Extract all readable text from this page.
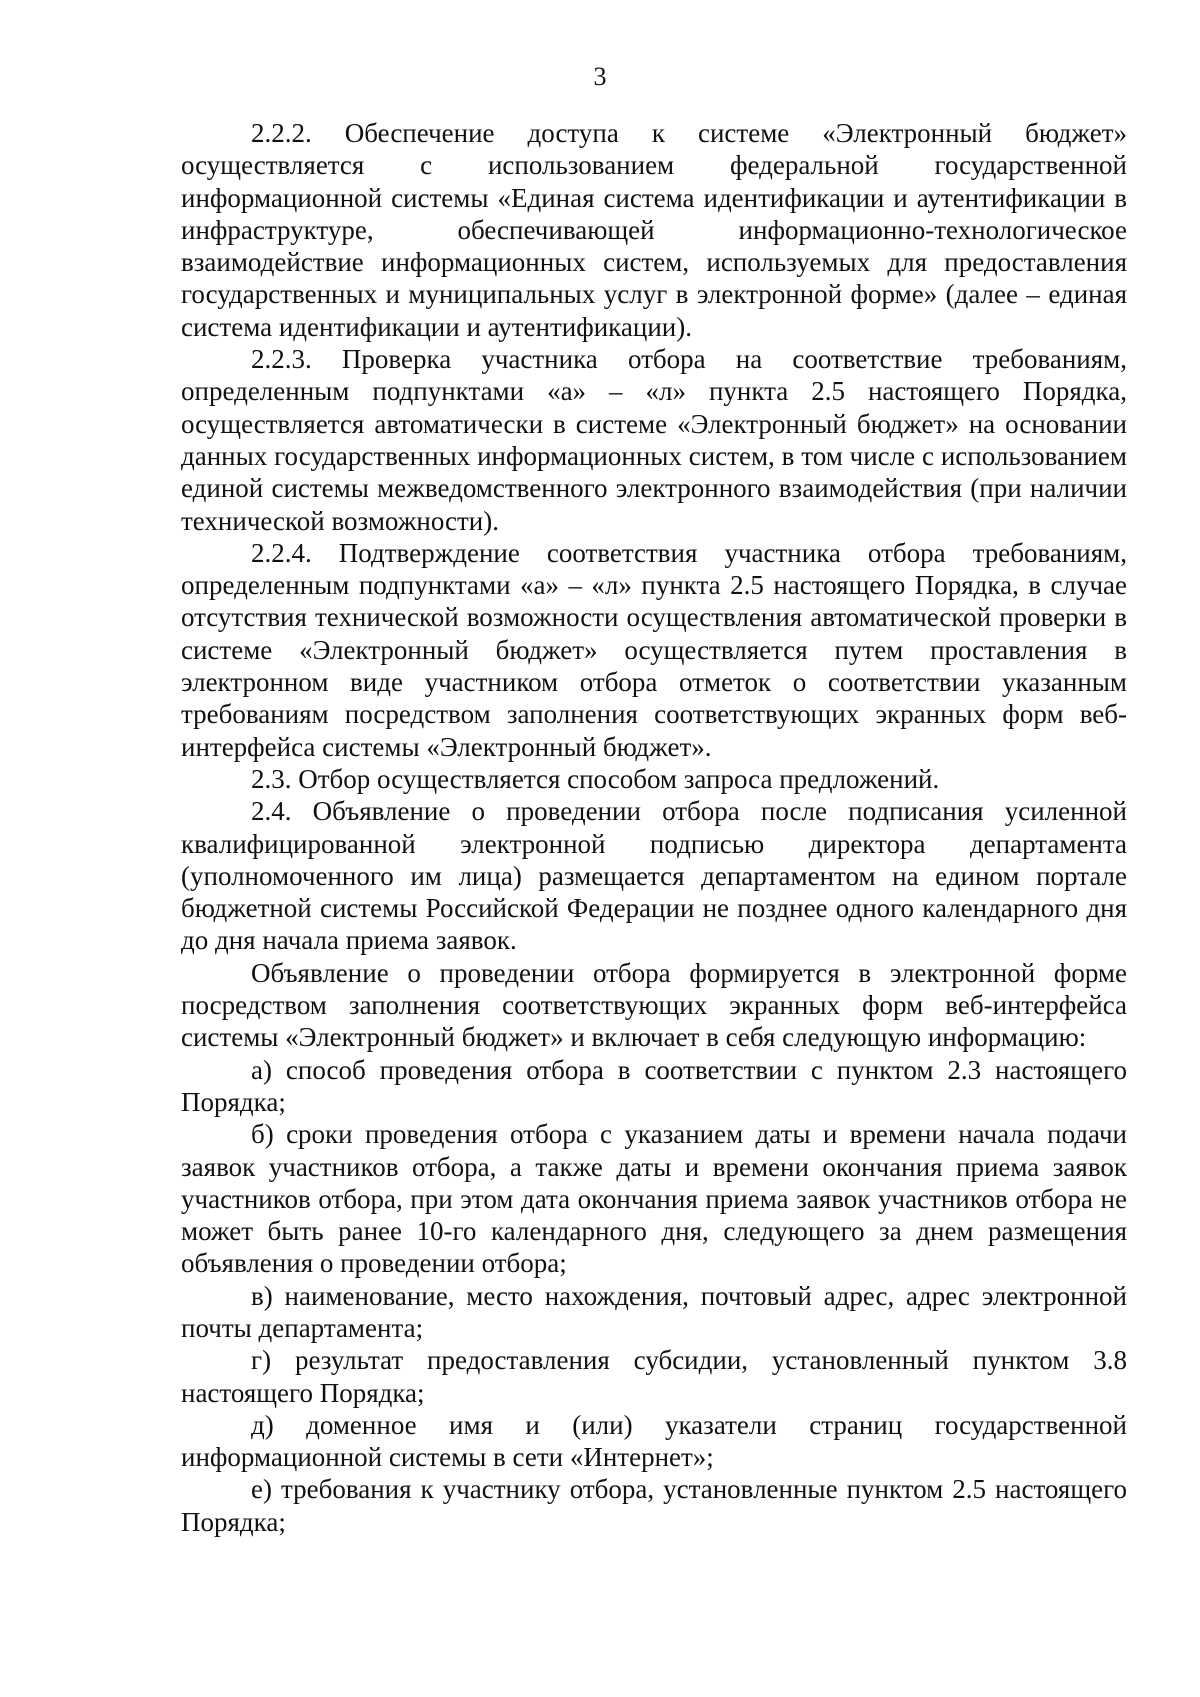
3

2.2.2. Обеспечение доступа к системе «Электронный бюджет» осуществляется с использованием федеральной государственной информационной системы «Единая система идентификации и аутентификации в инфраструктуре, обеспечивающей информационно-технологическое взаимодействие информационных систем, используемых для предоставления государственных и муниципальных услуг в электронной форме» (далее – единая система идентификации и аутентификации).

2.2.3. Проверка участника отбора на соответствие требованиям, определенным подпунктами «а» – «л» пункта 2.5 настоящего Порядка, осуществляется автоматически в системе «Электронный бюджет» на основании данных государственных информационных систем, в том числе с использованием единой системы межведомственного электронного взаимодействия (при наличии технической возможности).

2.2.4. Подтверждение соответствия участника отбора требованиям, определенным подпунктами «а» – «л» пункта 2.5 настоящего Порядка, в случае отсутствия технической возможности осуществления автоматической проверки в системе «Электронный бюджет» осуществляется путем проставления в электронном виде участником отбора отметок о соответствии указанным требованиям посредством заполнения соответствующих экранных форм веб-интерфейса системы «Электронный бюджет».

2.3. Отбор осуществляется способом запроса предложений.

2.4. Объявление о проведении отбора после подписания усиленной квалифицированной электронной подписью директора департамента (уполномоченного им лица) размещается департаментом на едином портале бюджетной системы Российской Федерации не позднее одного календарного дня до дня начала приема заявок.

Объявление о проведении отбора формируется в электронной форме посредством заполнения соответствующих экранных форм веб-интерфейса системы «Электронный бюджет» и включает в себя следующую информацию:

а) способ проведения отбора в соответствии с пунктом 2.3 настоящего Порядка;

б) сроки проведения отбора с указанием даты и времени начала подачи заявок участников отбора, а также даты и времени окончания приема заявок участников отбора, при этом дата окончания приема заявок участников отбора не может быть ранее 10-го календарного дня, следующего за днем размещения объявления о проведении отбора;

в) наименование, место нахождения, почтовый адрес, адрес электронной почты департамента;

г) результат предоставления субсидии, установленный пунктом 3.8 настоящего Порядка;

д) доменное имя и (или) указатели страниц государственной информационной системы в сети «Интернет»;

е) требования к участнику отбора, установленные пунктом 2.5 настоящего Порядка;
